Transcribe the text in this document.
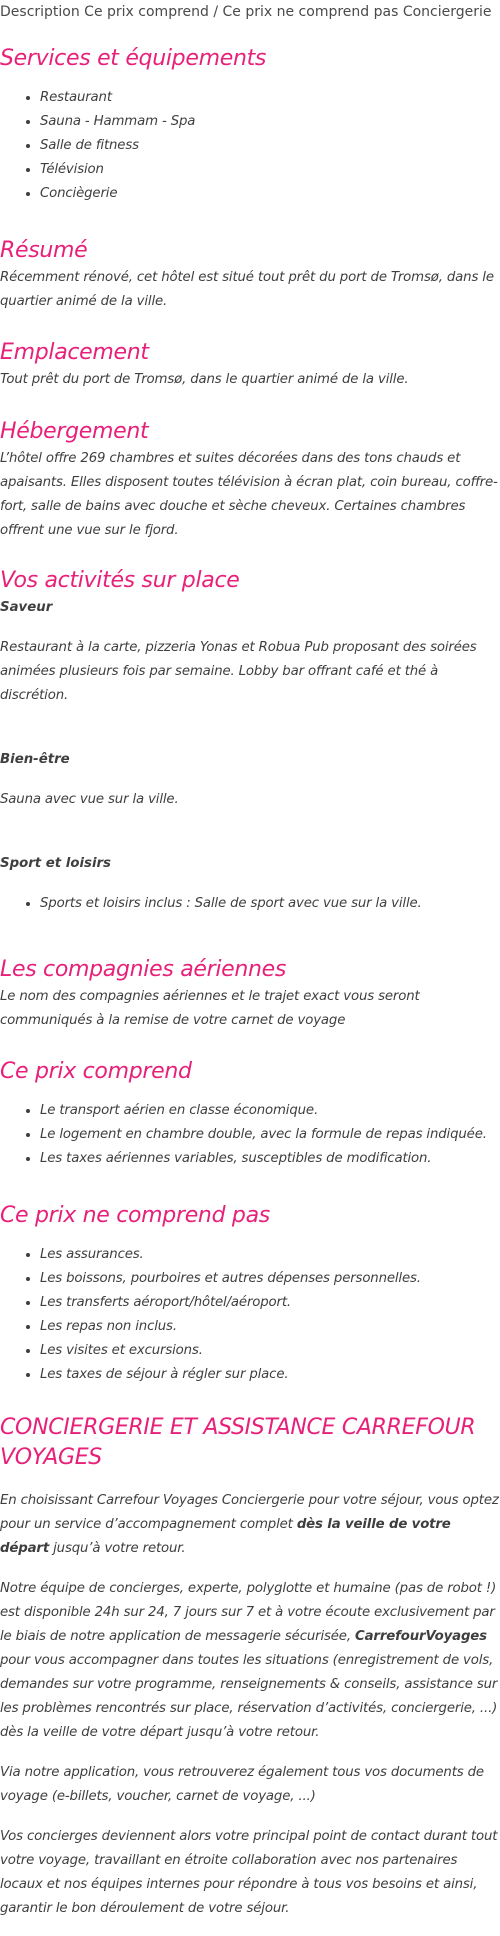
Description Ce prix comprend / Ce prix ne comprend pas Conciergerie
Services et équipements
• Restaurant
• Sauna - Hammam - Spa
• Salle de fitness
• Télévision
• Conciègerie
Résumé

Récemment rénové, cet hôtel est situé tout prêt du port de Tromsø, dans le quartier animé de la ville.

Emplacement

Tout prêt du port de Tromsø, dans le quartier animé de la ville.

Hébergement

L’hôtel offre 269 chambres et suites décorées dans des tons chauds et apaisants. Elles disposent toutes télévision à écran plat, coin bureau, coffre-fort, salle de bains avec douche et sèche cheveux. Certaines chambres offrent une vue sur le fjord.

Vos activités sur place

Saveur

Restaurant à la carte, pizzeria Yonas et Robua Pub proposant des soirées animées plusieurs fois par semaine. Lobby bar offrant café et thé à discrétion.

Bien-être

Sauna avec vue sur la ville.

Sport et loisirs

• Sports et loisirs inclus : Salle de sport avec vue sur la ville.
Les compagnies aériennes

Le nom des compagnies aériennes et le trajet exact vous seront communiqués à la remise de votre carnet de voyage

Ce prix comprend
• Le transport aérien en classe économique.
• Le logement en chambre double, avec la formule de repas indiquée.
• Les taxes aériennes variables, susceptibles de modification.
Ce prix ne comprend pas
• Les assurances.
• Les boissons, pourboires et autres dépenses personnelles.
• Les transferts aéroport/hôtel/aéroport.
• Les repas non inclus.
• Les visites et excursions.
• Les taxes de séjour à régler sur place.
CONCIERGERIE ET ASSISTANCE CARREFOUR VOYAGES

En choisissant Carrefour Voyages Conciergerie pour votre séjour, vous optez pour un service d’accompagnement complet dès la veille de votre départ jusqu’à votre retour.

Notre équipe de concierges, experte, polyglotte et humaine (pas de robot !) est disponible 24h sur 24, 7 jours sur 7 et à votre écoute exclusivement par le biais de notre application de messagerie sécurisée, CarrefourVoyages pour vous accompagner dans toutes les situations (enregistrement de vols, demandes sur votre programme, renseignements & conseils, assistance sur les problèmes rencontrés sur place, réservation d’activités, conciergerie, ...) dès la veille de votre départ jusqu’à votre retour.

Via notre application, vous retrouverez également tous vos documents de voyage (e-billets, voucher, carnet de voyage, ...)

Vos concierges deviennent alors votre principal point de contact durant tout votre voyage, travaillant en étroite collaboration avec nos partenaires locaux et nos équipes internes pour répondre à tous vos besoins et ainsi, garantir le bon déroulement de votre séjour.
